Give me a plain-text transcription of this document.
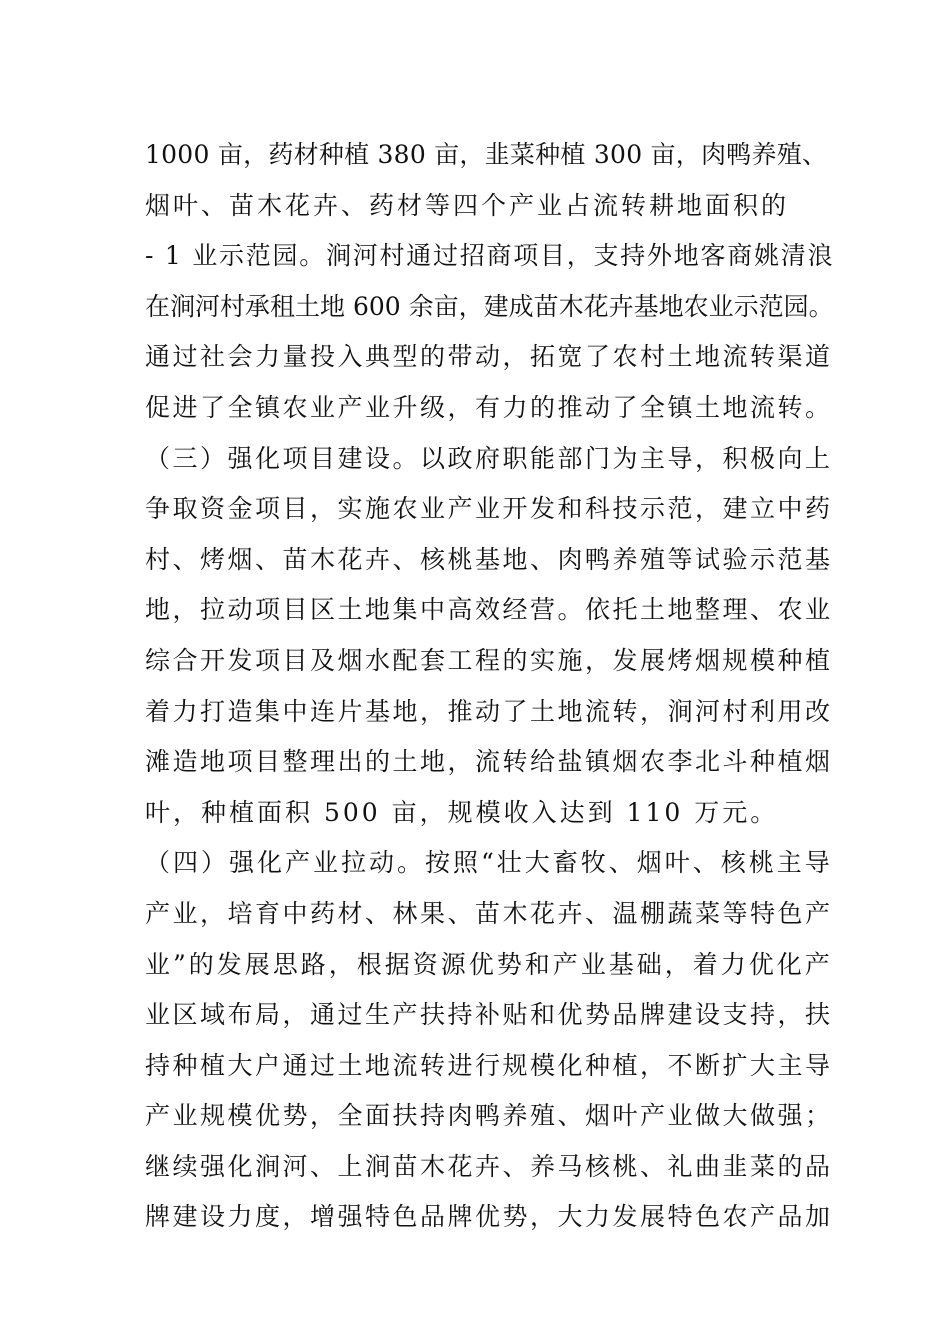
1000 亩，药材种植 380 亩，韭菜种植 300 亩，肉鸭养殖、
烟叶、苗木花卉、药材等四个产业占流转耕地面积的
- 1 业示范园。涧河村通过招商项目，支持外地客商姚清浪
在涧河村承租土地 600 余亩，建成苗木花卉基地农业示范园。
通过社会力量投入典型的带动，拓宽了农村土地流转渠道
促进了全镇农业产业升级，有力的推动了全镇土地流转。
（三）强化项目建设。以政府职能部门为主导，积极向上
争取资金项目，实施农业产业开发和科技示范，建立中药
村、烤烟、苗木花卉、核桃基地、肉鸭养殖等试验示范基
地，拉动项目区土地集中高效经营。依托土地整理、农业
综合开发项目及烟水配套工程的实施，发展烤烟规模种植
着力打造集中连片基地，推动了土地流转，涧河村利用改
滩造地项目整理出的土地，流转给盐镇烟农李北斗种植烟
叶，种植面积 500 亩，规模收入达到 110 万元。
（四）强化产业拉动。按照“壮大畜牧、烟叶、核桃主导
产业，培育中药材、林果、苗木花卉、温棚蔬菜等特色产
业”的发展思路，根据资源优势和产业基础，着力优化产
业区域布局，通过生产扶持补贴和优势品牌建设支持，扶
持种植大户通过土地流转进行规模化种植，不断扩大主导
产业规模优势，全面扶持肉鸭养殖、烟叶产业做大做强；
继续强化涧河、上涧苗木花卉、养马核桃、礼曲韭菜的品
牌建设力度，增强特色品牌优势，大力发展特色农产品加
